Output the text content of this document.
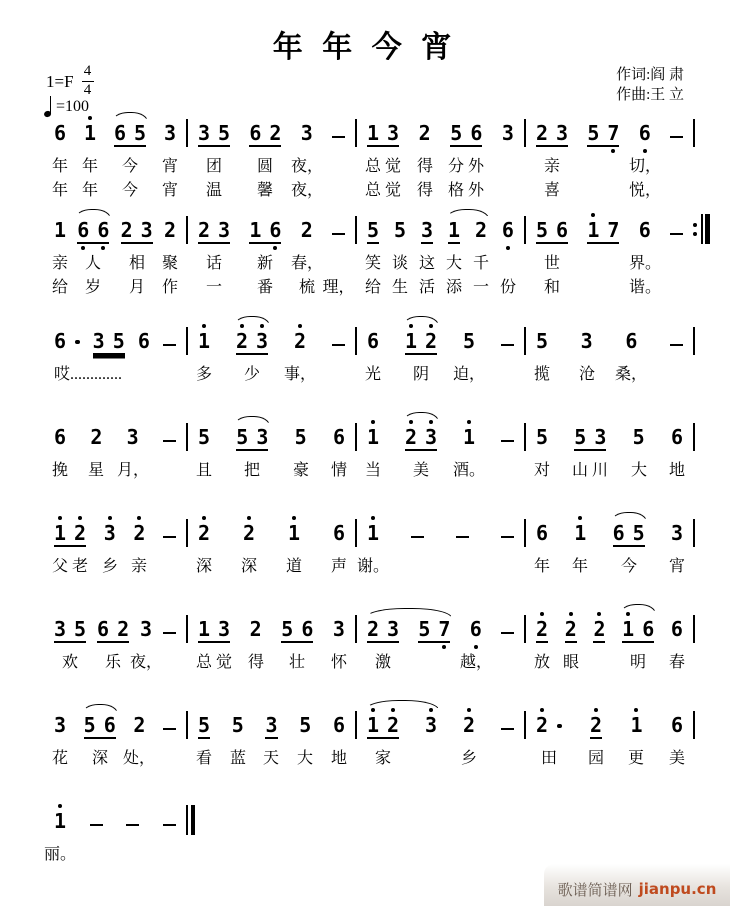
年 年 今 宵
1=F
4
4
=100
作词:阎 肃
作曲:王 立
6 1 6 5 3 3 5 6 2 3	1 3 2 5 6 3 2 3 5 7 6
年 年 今 宵 团 圆 夜，	总 觉 得 分 外	亲	切，
年 年 今 宵 温 馨 夜，	总 觉 得 格 外	喜	悦，
1 6 6 2 3 2 2 3 1 6 2	5 5 3 1 2 6 5 6 1 7 6
亲 人 相 聚 话 新 春，	笑 谈 这 大 千	世	界。
给 岁 月 作 一 番 梳 理， 给 生 活 添 一 份 和	谐。
6 3 5 6 1 2 3 2	6 1 2 5	5 3 6
哎.............	多 少 事，	光 阴 迫，	揽 沧 桑，
6 2 3	5 5 3 5 6 1 2 3 1	5 5 3 5 6
挽 星 月，	且 把 豪 情 当 美 酒。	对 山 川 大 地
1 2 3 2	2 2 1 6 1	6 1 6 5 3
父 老 乡 亲	深 深 道 声 谢。	年 年 今 宵
3 5 6 2 3 1 3 2 5 6 3 2 3 5 7 6	2 2 2 1 6 6
欢 乐 夜， 总 觉 得 壮 怀 激	越，	放 眼	明 春
3 5 6 2	5 5 3 5 6 1 2 3 2	2 2 1 6
花 深 处，	看 蓝 天 大 地 家	乡	田 园 更 美
1
丽。
歌谱简谱网 jianpu.cn
